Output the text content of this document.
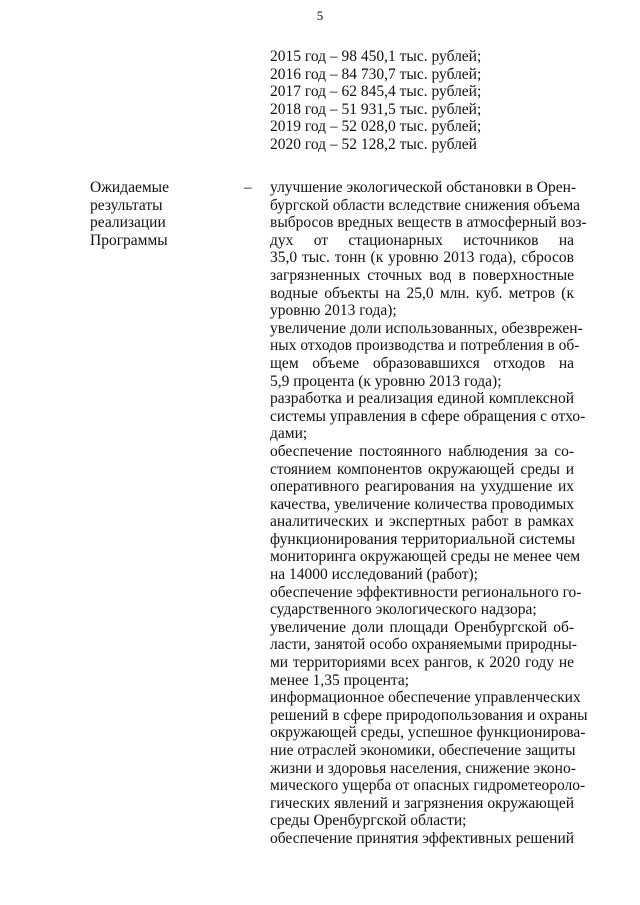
5
2015 год – 98 450,1 тыс. рублей;
2016 год – 84 730,7 тыс. рублей;
2017 год – 62 845,4 тыс. рублей;
2018 год – 51 931,5 тыс. рублей;
2019 год – 52 028,0 тыс. рублей;
2020 год – 52 128,2 тыс. рублей
Ожидаемые
результаты
реализации
Программы
– улучшение экологической обстановки в Орен-
бургской области вследствие снижения объема
выбросов вредных веществ в атмосферный воз-
дух от стационарных источников на
35,0 тыс. тонн (к уровню 2013 года), сбросов
загрязненных сточных вод в поверхностные
водные объекты на 25,0 млн. куб. метров (к
уровню 2013 года);
увеличение доли использованных, обезврежен-
ных отходов производства и потребления в об-
щем объеме образовавшихся отходов на
5,9 процента (к уровню 2013 года);
разработка и реализация единой комплексной
системы управления в сфере обращения с отхо-
дами;
обеспечение постоянного наблюдения за со-
стоянием компонентов окружающей среды и
оперативного реагирования на ухудшение их
качества, увеличение количества проводимых
аналитических и экспертных работ в рамках
функционирования территориальной системы
мониторинга окружающей среды не менее чем
на 14000 исследований (работ);
обеспечение эффективности регионального го-
сударственного экологического надзора;
увеличение доли площади Оренбургской об-
ласти, занятой особо охраняемыми природны-
ми территориями всех рангов, к 2020 году не
менее 1,35 процента;
информационное обеспечение управленческих
решений в сфере природопользования и охраны
окружающей среды, успешное функционирова-
ние отраслей экономики, обеспечение защиты
жизни и здоровья населения, снижение эконо-
мического ущерба от опасных гидрометеороло-
гических явлений и загрязнения окружающей
среды Оренбургской области;
обеспечение принятия эффективных решений
